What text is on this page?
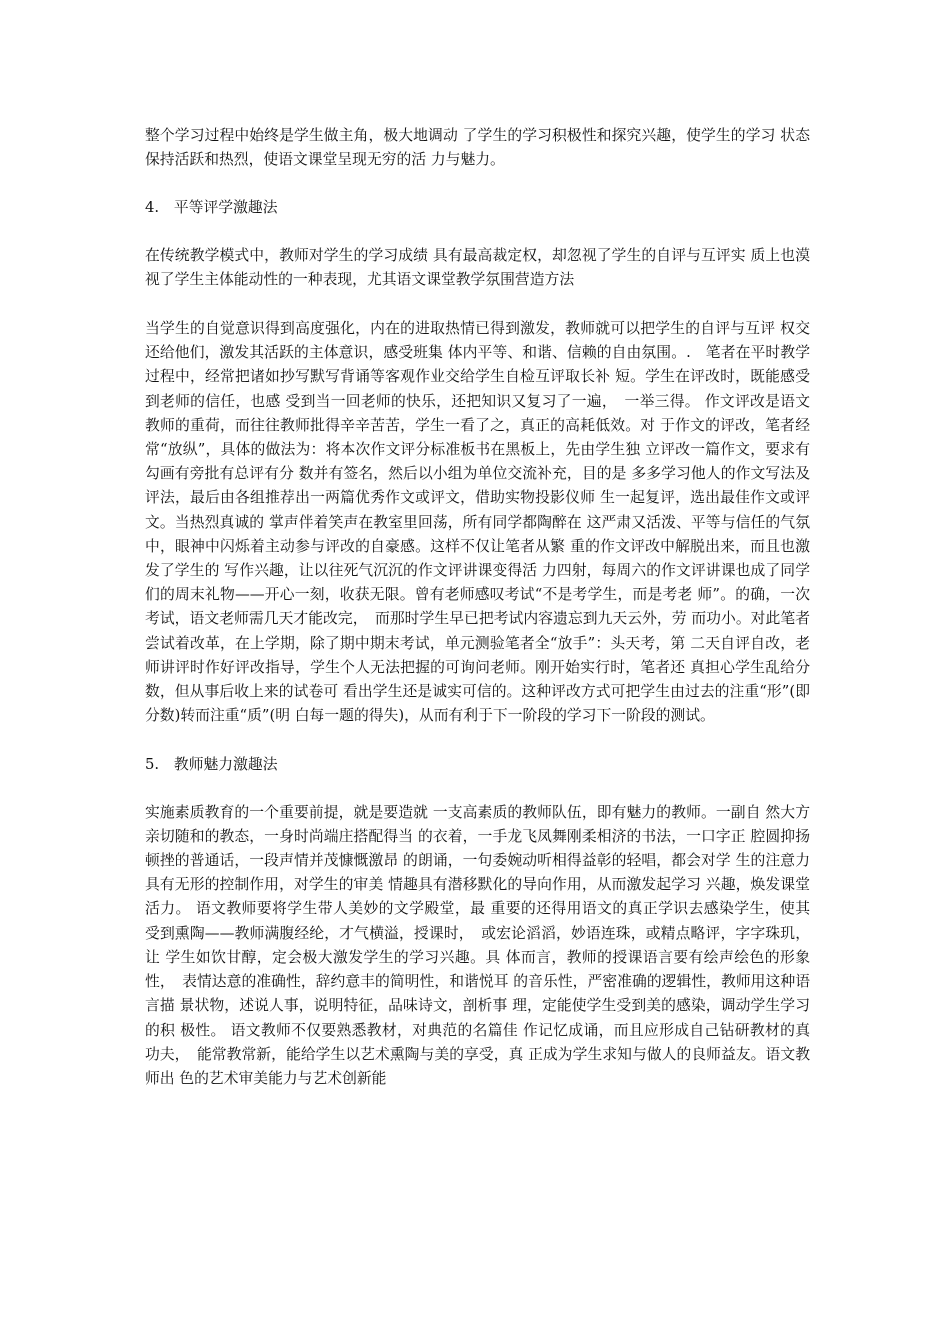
整个学习过程中始终是学生做主角，极大地调动 了学生的学习积极性和探究兴趣，使学生的学习 状态保持活跃和热烈，使语文课堂呈现无穷的活 力与魅力。

4.　平等评学激趣法

在传统教学模式中，教师对学生的学习成绩 具有最高裁定权，却忽视了学生的自评与互评实 质上也漠视了学生主体能动性的一种表现，尤其语文课堂教学氛围营造方法

当学生的自觉意识得到高度强化，内在的进取热情已得到激发，教师就可以把学生的自评与互评 权交还给他们，激发其活跃的主体意识，感受班集 体内平等、和谐、信赖的自由氛围。.　笔者在平时教学过程中，经常把诸如抄写默写背诵等客观作业交给学生自检互评取长补 短。学生在评改时，既能感受到老师的信任，也感 受到当一回老师的快乐，还把知识又复习了一遍，　一举三得。 作文评改是语文教师的重荷，而往往教师批得辛辛苦苦，学生一看了之，真正的高耗低效。对 于作文的评改，笔者经常“放纵”，具体的做法为：将本次作文评分标准板书在黑板上，先由学生独 立评改一篇作文，要求有勾画有旁批有总评有分 数并有签名，然后以小组为单位交流补充，目的是 多多学习他人的作文写法及评法，最后由各组推荐出一两篇优秀作文或评文，借助实物投影仪师 生一起复评，选出最佳作文或评文。当热烈真诚的 掌声伴着笑声在教室里回荡，所有同学都陶醉在 这严肃又活泼、平等与信任的气氛中，眼神中闪烁着主动参与评改的自豪感。这样不仅让笔者从繁 重的作文评改中解脱出来，而且也激发了学生的 写作兴趣，让以往死气沉沉的作文评讲课变得活 力四射，每周六的作文评讲课也成了同学们的周末礼物——开心一刻，收获无限。曾有老师感叹考试“不是考学生，而是考老 师”。的确，一次考试，语文老师需几天才能改完，　而那时学生早已把考试内容遗忘到九天云外，劳 而功小。对此笔者尝试着改革，在上学期，除了期中期末考试，单元测验笔者全“放手”：头天考，第 二天自评自改，老师讲评时作好评改指导，学生个人无法把握的可询问老师。刚开始实行时，笔者还 真担心学生乱给分数，但从事后收上来的试卷可 看出学生还是诚实可信的。这种评改方式可把学生由过去的注重“形”(即分数)转而注重“质”(明 白每一题的得失)，从而有利于下一阶段的学习下一阶段的测试。

5.　教师魅力激趣法

实施素质教育的一个重要前提，就是要造就 一支高素质的教师队伍，即有魅力的教师。一副自 然大方亲切随和的教态，一身时尚端庄搭配得当 的衣着，一手龙飞凤舞刚柔相济的书法，一口字正 腔圆抑扬顿挫的普通话，一段声情并茂慷慨激昂 的朗诵，一句委婉动听相得益彰的轻唱，都会对学 生的注意力具有无形的控制作用，对学生的审美 情趣具有潜移默化的导向作用，从而激发起学习 兴趣，焕发课堂活力。 语文教师要将学生带人美妙的文学殿堂，最 重要的还得用语文的真正学识去感染学生，使其 受到熏陶——教师满腹经纶，才气横溢，授课时，　或宏论滔滔，妙语连珠，或精点略评，字字珠玑，让 学生如饮甘醇，定会极大激发学生的学习兴趣。具 体而言，教师的授课语言要有绘声绘色的形象性，　表情达意的准确性，辞约意丰的简明性，和谐悦耳 的音乐性，严密准确的逻辑性，教师用这种语言描 景状物，述说人事，说明特征，品味诗文，剖析事 理，定能使学生受到美的感染，调动学生学习的积 极性。 语文教师不仅要熟悉教材，对典范的名篇佳 作记忆成诵，而且应形成自己钻研教材的真功夫，　能常教常新，能给学生以艺术熏陶与美的享受，真 正成为学生求知与做人的良师益友。语文教师出 色的艺术审美能力与艺术创新能
